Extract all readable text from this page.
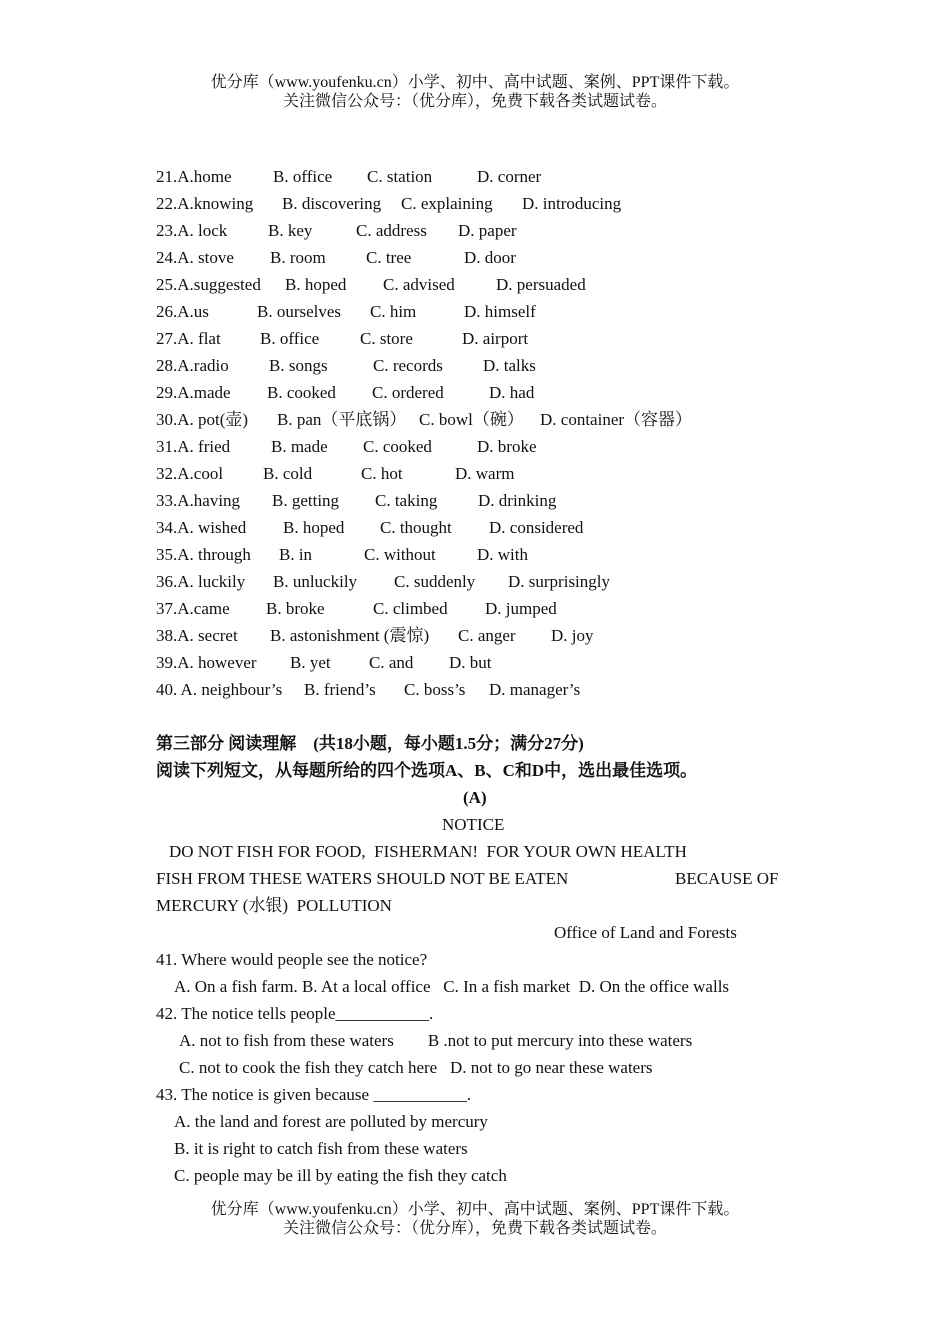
优分库（www.youfenku.cn）小学、初中、高中试题、案例、PPT课件下载。
关注微信公众号：（优分库），免费下载各类试题试卷。
21.A.home B. office C. station	D. corner
22.A.knowing B. discovering C. explaining D. introducing
23.A. lock B. key	C. address D. paper
24.A. stove B. room C. tree	D. door
25.A.suggested B. hoped C. advised D. persuaded
26.A.us	B. ourselves C. him	D. himself
27.A. flat B. office C. store	D. airport
28.A.radio B. songs	C. records D. talks
29.A.made B. cooked C. ordered	D. had
30.A. pot(壶) B. pan（平底锅） C. bowl（碗） D. container（容器）
31.A. fried B. made C. cooked	D. broke
32.A.cool B. cold	C. hot	D. warm
33.A.having B. getting C. taking D. drinking
34.A. wished B. hoped C. thought D. considered
35.A. through B. in	C. without D. with
36.A. luckily B. unluckily C. suddenly D. surprisingly
37.A.came B. broke	C. climbed D. jumped
38.A. secret B. astonishment (震惊) C. anger D. joy
39.A. however B. yet C. and D. but
40. A. neighbour’s B. friend’s C. boss’s D. manager’s
第三部分 阅读理解　(共18小题，每小题1.5分；满分27分)
阅读下列短文，从每题所给的四个选项A、B、C和D中，选出最佳选项。
(A)
NOTICE
DO NOT FISH FOR FOOD,  FISHERMAN!  FOR YOUR OWN HEALTH

FISH FROM THESE WATERS SHOULD NOT BE EATEN

	BECAUSE OF

MERCURY (水银)  POLLUTION
Office of Land and Forests
41. Where would people see the notice?
A. On a fish farm. B. At a local office   C. In a fish market  D. On the office walls
42. The notice tells people___________.
A. not to fish from these waters        B .not to put mercury into these waters
C. not to cook the fish they catch here   D. not to go near these waters
43. The notice is given because ___________.
A. the land and forest are polluted by mercury
B. it is right to catch fish from these waters
C. people may be ill by eating the fish they catch
优分库（www.youfenku.cn）小学、初中、高中试题、案例、PPT课件下载。
关注微信公众号：（优分库），免费下载各类试题试卷。
